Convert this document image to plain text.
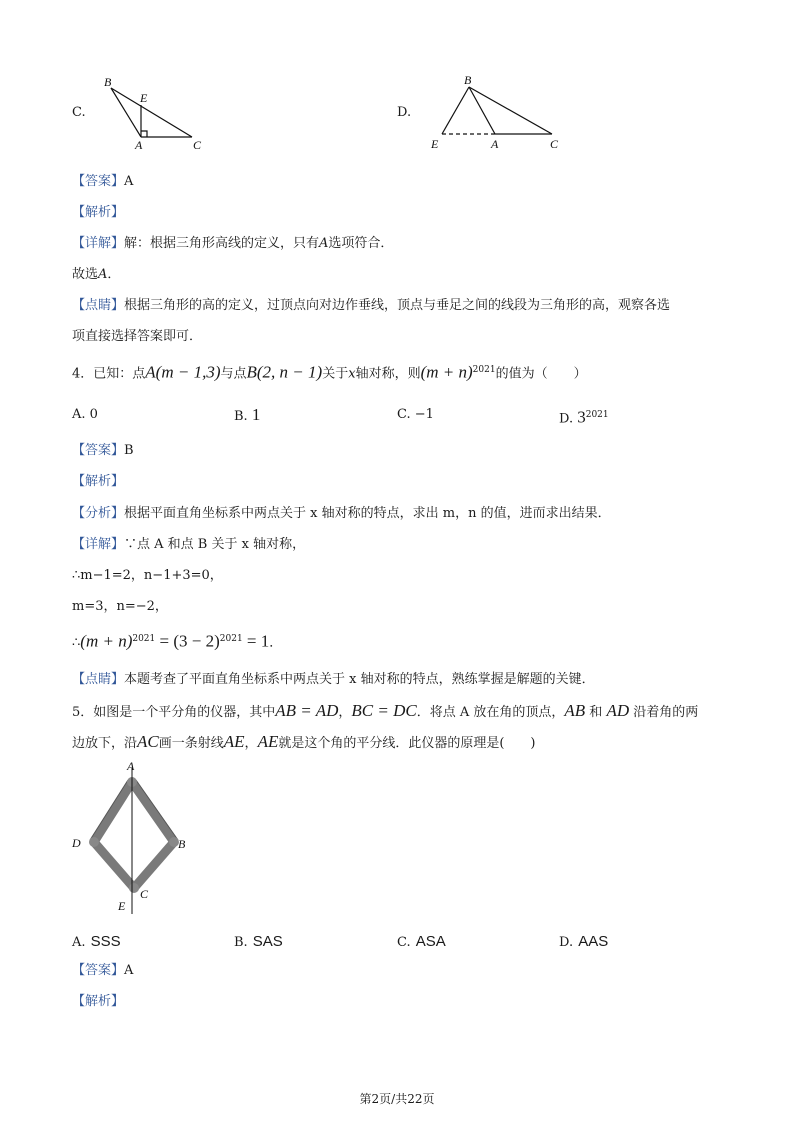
C.
B
E
A	C
D.
B
E	A	C
【答案】A
【解析】
【详解】解：根据三角形高线的定义，只有A选项符合．
故选A．
【点睛】根据三角形的高的定义，过顶点向对边作垂线，顶点与垂足之间的线段为三角形的高，观察各选
项直接选择答案即可．
4．已知：点A(m − 1,3)与点B(2, n − 1)关于x轴对称，则$(m + n)^{2021}$的值为（　　）
A. 0	B. 1	C. −1	D. $3^{2021}$
【答案】B
【解析】
【分析】根据平面直角坐标系中两点关于 x 轴对称的特点，求出 m，n 的值，进而求出结果．
【详解】∵点 A 和点 B 关于 x 轴对称，
∴m−1=2，n−1+3=0，
m=3，n=−2，
∴(m + $n)^{2021} = (3 - 2)^{2021} = 1$．
【点睛】本题考查了平面直角坐标系中两点关于 x 轴对称的特点，熟练掌握是解题的关键．
5．如图是一个平分角的仪器，其中AB = AD，BC = DC．将点 A 放在角的顶点，AB 和 AD 沿着角的两
边放下，沿AC画一条射线AE，AE就是这个角的平分线．此仪器的原理是(　　)
A
B
C
D
E
A. SSS	B. SAS	C. ASA	D. AAS
【答案】A
【解析】
第2页/共22页
